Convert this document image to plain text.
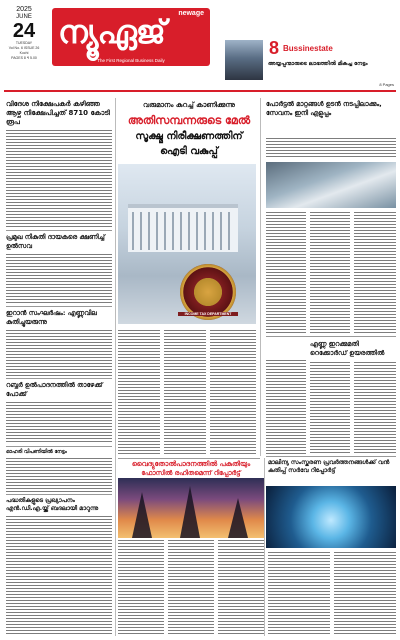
2025
JUNE
24
TUESDAY
Vol No. 6 ISSUE 26
Kochi
PAGES 8 ₹ 5.00
ന്യൂഏജ് newage
The First Regional Business Daily
8 Bussinestate
അയ്യപ്പന്മാരുടെ ലാഭത്തിൽ മികച്ച നേട്ടം
8 Pages
വിദേശ നിക്ഷേപകർ കഴിഞ്ഞ ആഴ്ച നിക്ഷേപിച്ചത് 8710 കോടി രൂപ
പ്രമുഖ നികുതി ദായകരെ ക്ഷണിച്ച് ഉൽസവ
ഇറാൻ സംഘർഷം: എണ്ണവില കുതിച്ചുയരുന്നു
റബ്ബർ ഉൽപാദനത്തിൽ താഴേക്ക് പോക്ക്
ഓഹരി വിപണിയിൽ നേട്ടം
പദ്ധതികളുടെ പ്രഖ്യാപനം എൻ.ഡി.എ.യ്ക്ക് ബദലായി മാറുന്നു
വരുമാനം കുറച്ച് കാണിക്കുന്നു
അതിസമ്പന്നരുടെ മേൽ
സൂക്ഷ്മ നിരീക്ഷണത്തിന്
ഐടി വകുപ്പ്
INCOME TAX DEPARTMENT
പോർട്ടൽ മാറ്റങ്ങൾ ഉടൻ നടപ്പിലാക്കും, സേവനം ഇനി എളുപ്പം
എണ്ണ ഇറക്കുമതി റെക്കോർഡ് ഉയരത്തിൽ
വൈദ്യുതോൽപാദനത്തിൽ പകുതിയും
ഫോസിൽ രഹിതമെന്ന് റിപ്പോർട്ട്
മാലിന്യ സംസ്കരണ പ്രവർത്തനങ്ങൾക്ക് വൻ കുതിപ്പ് സർവേ റിപ്പോർട്ട്
